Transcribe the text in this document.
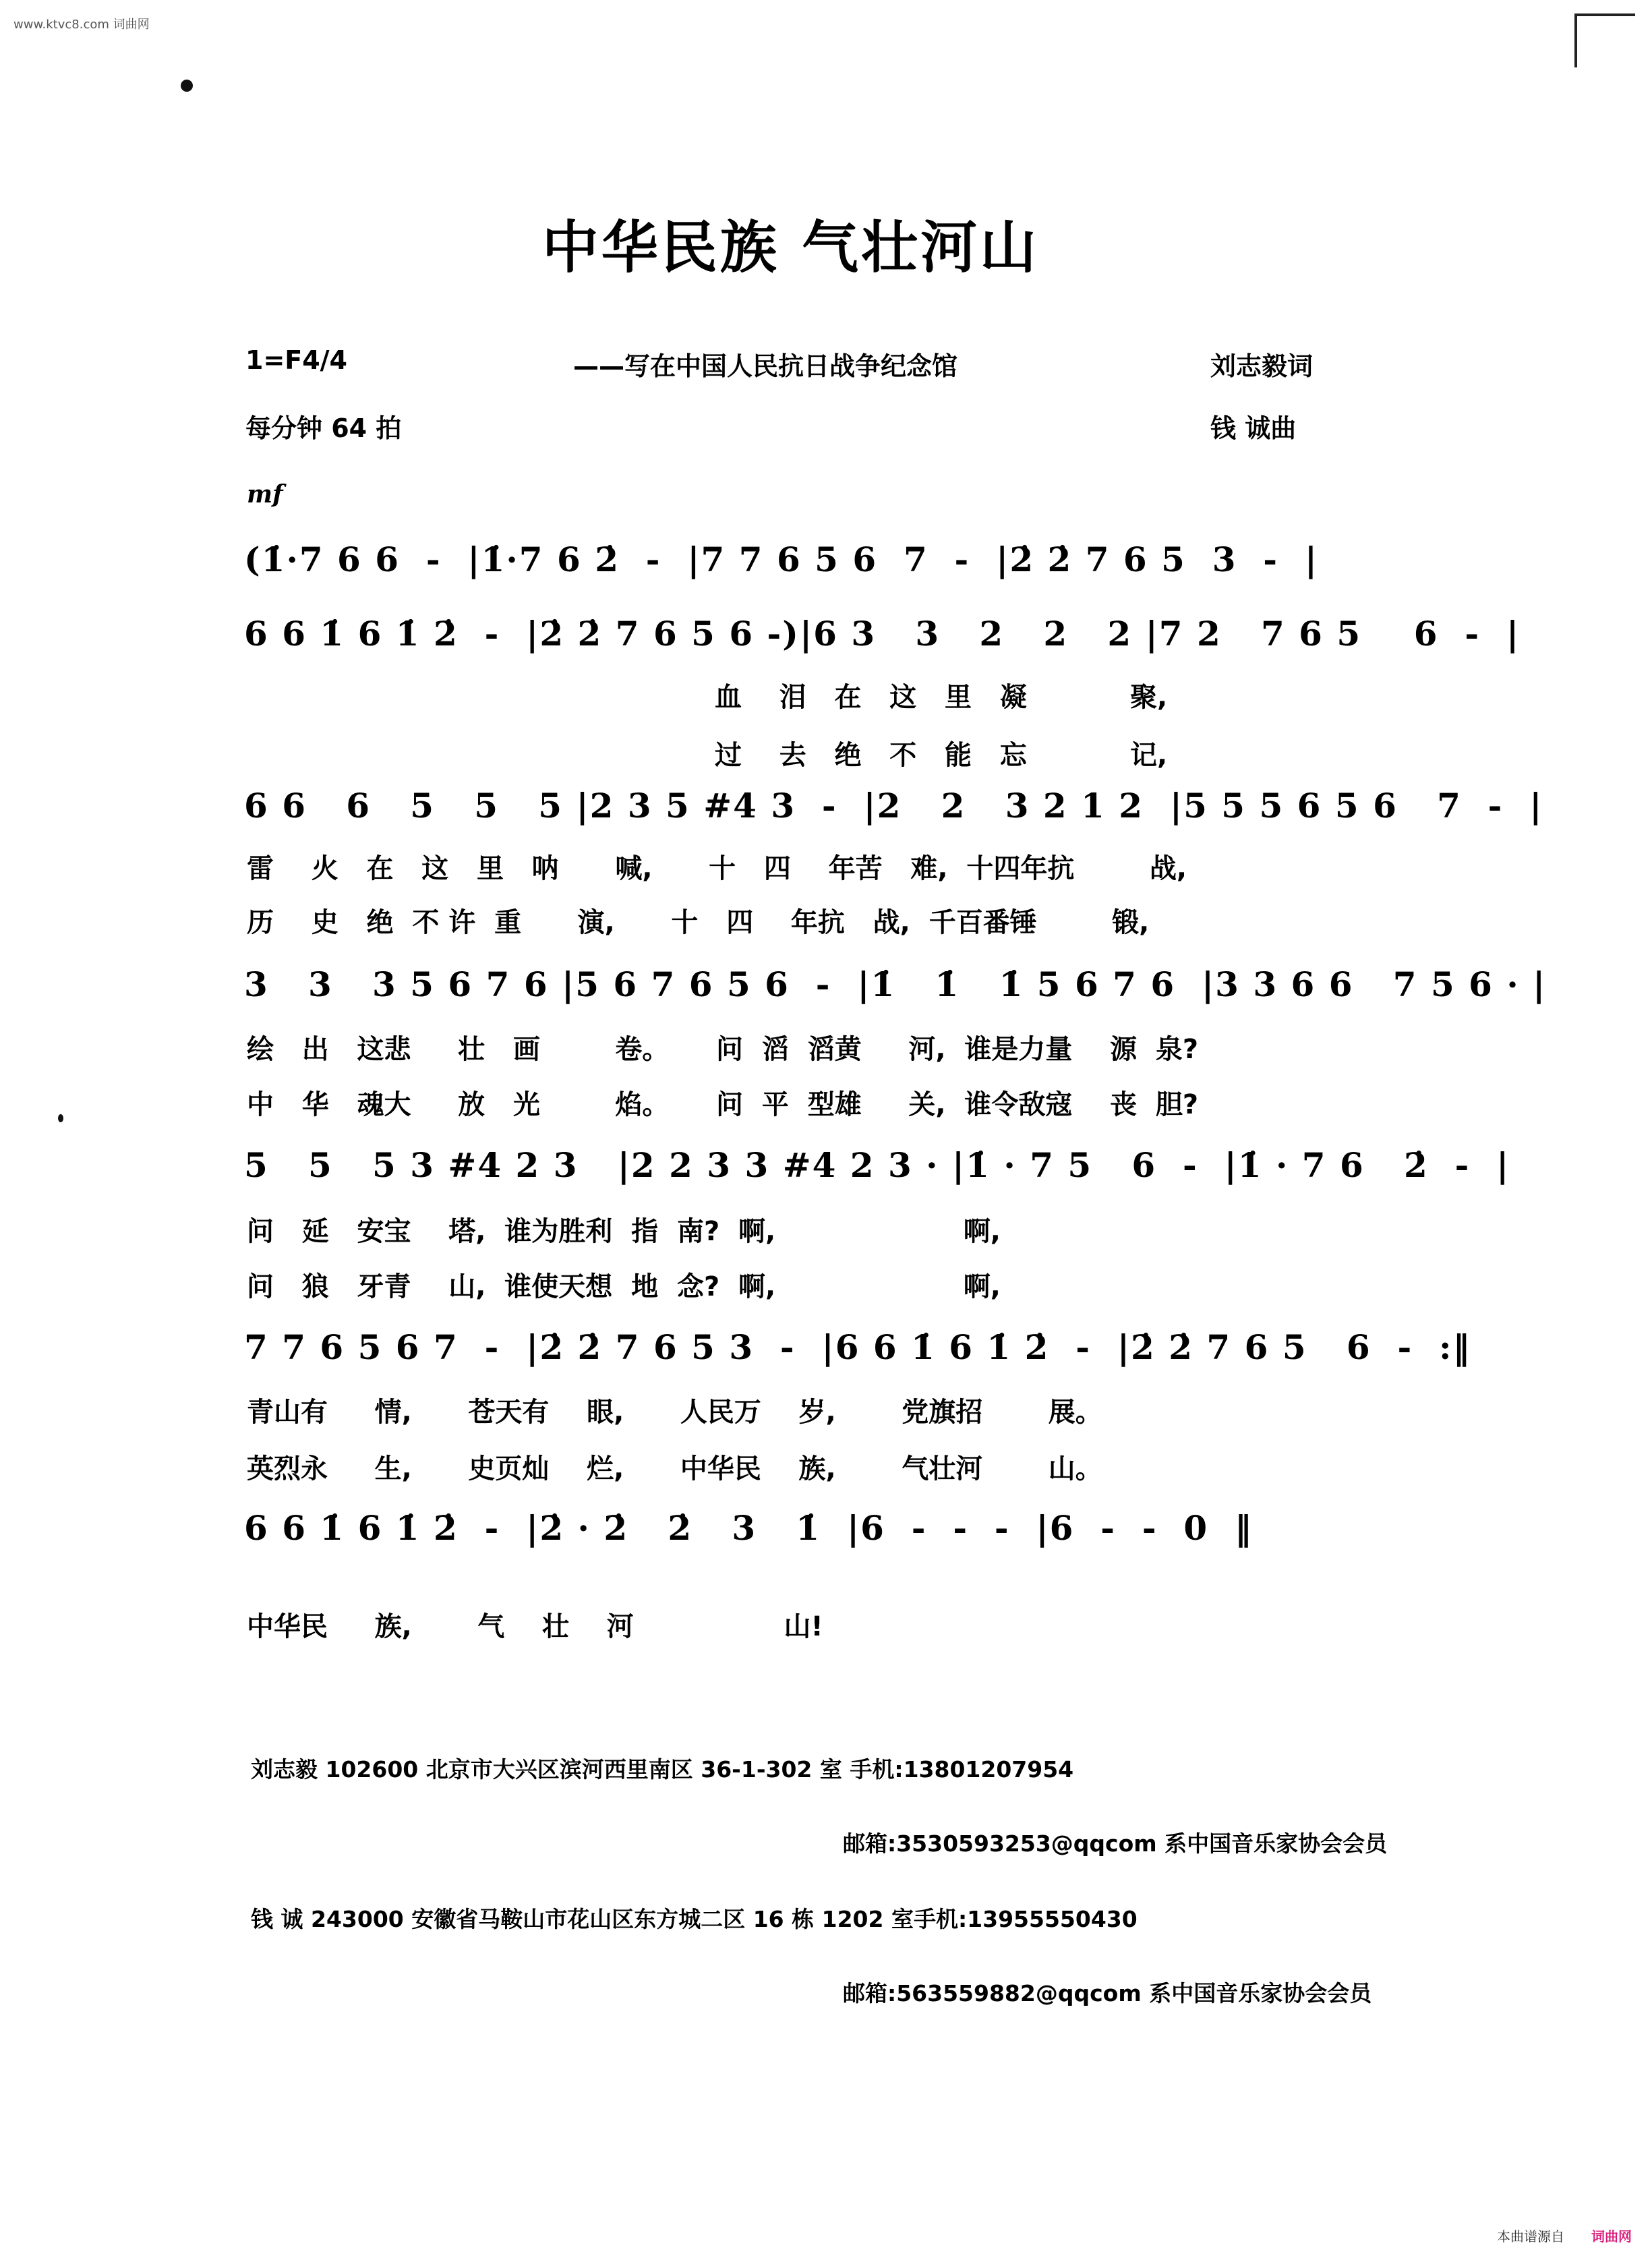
www.ktvc8.com 词曲网
中华民族 气壮河山
1=F4/4	——写在中国人民抗日战争纪念馆	刘志毅词
每分钟 64 拍	钱 诚曲
mf
(1̇·7 6 6  -  |1̇·7 6 2̇  -  |7 7 6 5 6  7  -  |2̇ 2̇ 7 6 5  3  -  |
6 6 1̇ 6 1̇ 2̇  -  |2̇ 2̇ 7 6 5 6 -)|6 3   3   2   2   2 |7 2   7 6 5    6  -  |
血    泪   在   这   里   凝           聚,
过    去   绝   不   能   忘           记,
6 6   6   5   5   5 |2 3 5 #4 3  -  |2   2   3 2 1 2  |5 5 5 6 5 6   7  -  |
雷    火   在   这   里   呐      喊,      十   四    年苦   难,  十四年抗        战,
历    史   绝  不 许  重      演,      十   四    年抗   战,  千百番锤        锻,
3   3   3 5 6 7 6 |5 6 7 6 5 6  -  |1̇   1̇   1̇ 5 6 7 6  |3 3 6 6   7 5 6 · |
绘   出   这悲     壮   画        卷。     问  滔  滔黄     河,  谁是力量    源  泉?
中   华   魂大     放   光        焰。     问  平  型雄     关,  谁令敌寇    丧  胆?
5   5   5 3 #4 2 3   |2 2 3 3 #4 2 3 · |1̇ · 7 5   6  -  |1̇ · 7 6   2̇  -  |
问   延   安宝    塔,  谁为胜利  指  南?  啊,                    啊,
问   狼   牙青    山,  谁使天想  地  念?  啊,                    啊,
7 7 6 5 6 7  -  |2̇ 2̇ 7 6 5 3  -  |6 6 1̇ 6 1̇ 2̇  -  |2̇ 2̇ 7 6 5   6  -  :‖
青山有     情,      苍天有    眼,      人民万    岁,       党旗招       展。
英烈永     生,      史页灿    烂,      中华民    族,       气壮河       山。
6 6 1̇ 6 1̇ 2̇  -  |2̇ · 2̇   2̇   3   1̇  |6  -  -  -  |6  -  -  0  ‖
中华民     族,       气    壮    河                山!
刘志毅 102600 北京市大兴区滨河西里南区 36-1-302 室 手机:13801207954
邮箱:3530593253@qqcom 系中国音乐家协会会员
钱 诚 243000 安徽省马鞍山市花山区东方城二区 16 栋 1202 室手机:13955550430
邮箱:563559882@qqcom 系中国音乐家协会会员
本曲谱源自 词曲网
